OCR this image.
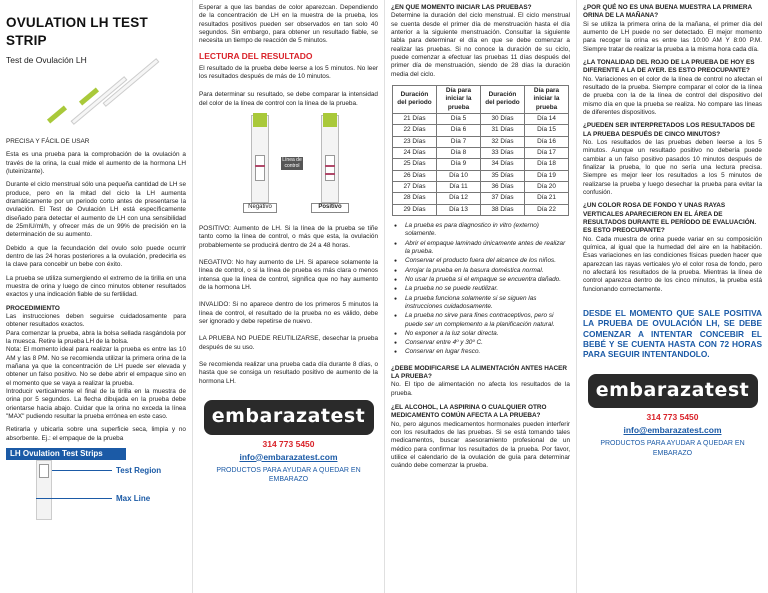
OVULATION LH TEST STRIP
Test de Ovulación LH
PRECISA Y FÁCIL DE USAR
Esta es una prueba para la comprobación de la ovulación a través de la orina, la cual mide el aumento de la hormona LH (luteinizante).
Durante el ciclo menstrual sólo una pequeña cantidad de LH se produce, pero en la mitad del ciclo la LH aumenta dramáticamente por un periodo corto antes de presentarse la ovulación. El Test de Ovulación LH está específicamente diseñado para detectar el aumento de LH con una sensibilidad de 25mIU/ml/h, y ofrecer más de un 99% de precisión en la determinación de su aumento.
Debido a que la fecundación del ovulo solo puede ocurrir dentro de las 24 horas posteriores a la ovulación, predecirla es la clave para concebir un bebe con éxito.
La prueba se utiliza sumergiendo el extremo de la tirilla en una muestra de orina y luego de cinco minutos obtener resultados exactos y una indicación fiable de su fertilidad.
PROCEDIMIENTO
Las instrucciones deben seguirse cuidadosamente para obtener resultados exactos.
Para comenzar la prueba, abra la bolsa sellada rasgándola por la muesca. Retire la prueba LH de la bolsa.
Nota: El momento ideal para realizar la prueba es entre las 10 AM y las 8 PM. No se recomienda utilizar la primera orina de la mañana ya que la concentración de LH puede ser elevada y obtener un falso positivo. No se debe abrir el empaque sino en el momento que se vaya a realizar la prueba.
Introducir verticalmente el final de la tirilla en la muestra de orina por 5 segundos. La flecha dibujada en la prueba debe orientarse hacia abajo. Cuidar que la orina no exceda la línea "MAX" pudiendo resultar la prueba errónea en este caso.
Retirarla y ubicarla sobre una superficie seca, limpia y no absorbente. Ej.: el empaque de la prueba
LH Ovulation Test Strips
Test Region
Max Line
Esperar a que las bandas de color aparezcan. Dependiendo de la concentración de LH en la muestra de la prueba, los resultados positivos pueden ser observados en tan solo 40 segundos. Sin embargo, para obtener un resultado fiable, se necesita un tiempo de reacción de 5 minutos.
LECTURA DEL RESULTADO
El resultado de la prueba debe leerse a los 5 minutos. No leer los resultados después de más de 10 minutos.
Para determinar su resultado, se debe comparar la intensidad del color de la línea de control con la línea de la prueba.
Línea de control
Negativo	Positivo
POSITIVO: Aumento de LH. Si la línea de la prueba se tiñe tanto como la línea de control, o más que esta, la ovulación probablemente se producirá dentro de 24 a 48 horas.
NEGATIVO: No hay aumento de LH. Si aparece solamente la línea de control, o si la línea de prueba es más clara o menos intensa que la línea de control, significa que no hay aumento de la hormona LH.
INVALIDO: Si no aparece dentro de los primeros 5 minutos la línea de control, el resultado de la prueba no es válido, debe ser ignorado y debe repetirse de nuevo.
LA PRUEBA NO PUEDE REUTILIZARSE, desechar la prueba después de su uso.
Se recomienda realizar una prueba cada día durante 8 días, o hasta que se consiga un resultado positivo de aumento de la hormona LH.
embarazatest
314 773 5450
info@embarazatest.com
PRODUCTOS PARA AYUDAR A QUEDAR EN EMBARAZO
¿EN QUE MOMENTO INICIAR LAS PRUEBAS?
Determine la duración del ciclo menstrual. El ciclo menstrual se cuenta desde el primer día de menstruación hasta el día anterior a la siguiente menstruación. Consultar la siguiente tabla para determinar el día en que se debe comenzar a realizar las pruebas. Si no conoce la duración de su ciclo, puede comenzar a efectuar las pruebas 11 días después del primer día de menstruación, siendo de 28 días la duración media del ciclo.
Duración del periodo	Día para iniciar la prueba	Duración del periodo	Día para iniciar la prueba
21 Días	Día 5	30 Días	Día 14
22 Días	Día 6	31 Días	Día 15
23 Días	Día 7	32 Días	Día 16
24 Días	Día 8	33 Días	Día 17
25 Días	Día 9	34 Días	Día 18
26 Días	Día 10	35 Días	Día 19
27 Días	Día 11	36 Días	Día 20
28 Días	Día 12	37 Días	Día 21
29 Días	Día 13	38 Días	Día 22
● La prueba es para diagnostico in vitro (externo) solamente.
● Abrir el empaque laminado únicamente antes de realizar la prueba.
● Conservar el producto fuera del alcance de los niños.
● Arrojar la prueba en la basura doméstica normal.
● No usar la prueba si el empaque se encuentra dañado.
● La prueba no se puede reutilizar.
● La prueba funciona solamente si se siguen las instrucciones cuidadosamente.
● La prueba no sirve para fines contraceptivos, pero si puede ser un complemento a la planificación natural.
● No exponer a la luz solar directa.
● Conservar entre 4º y 30º C.
● Conservar en lugar fresco.
¿DEBE MODIFICARSE LA ALIMENTACIÓN ANTES HACER LA PRUEBA?
No. El tipo de alimentación no afecta los resultados de la prueba.
¿EL ALCOHOL, LA ASPIRINA O CUALQUIER OTRO MEDICAMENTO COMÚN AFECTA A LA PRUEBA?
No, pero algunos medicamentos hormonales pueden interferir con los resultados de las pruebas. Si se está tomando tales medicamentos, buscar asesoramiento profesional de un médico para confirmar los resultados de la prueba. Por favor, utilice el calendario de la ovulación de guía para determinar cuándo debe comenzar la prueba.
¿POR QUÉ NO ES UNA BUENA MUESTRA LA PRIMERA ORINA DE LA MAÑANA?
Si se utiliza la primera orina de la mañana, el primer día del aumento de LH puede no ser detectado. El mejor momento para recoger la orina es entre las 10:00 AM Y 8:00 P.M. Siempre tratar de realizar la prueba a la misma hora cada día.
¿LA TONALIDAD DEL ROJO DE LA PRUEBA DE HOY ES DIFERENTE A LA DE AYER. ES ESTO PREOCUPANTE?
No. Variaciones en el color de la línea de control no afectan el resultado de la prueba. Siempre comparar el color de la línea de prueba con la de la línea de control del dispositivo del mismo día en que la prueba se realiza. No compare las líneas de diferentes dispositivos.
¿PUEDEN SER INTERPRETADOS LOS RESULTADOS DE LA PRUEBA DESPUÉS DE CINCO MINUTOS?
No. Los resultados de las pruebas deben leerse a los 5 minutos. Aunque un resultado positivo no debería puede cambiar a un falso positivo pasados 10 minutos después de finalizar la prueba, lo que no sería una lectura precisa. Siempre es mejor leer los resultados a los 5 minutos de realizarse la prueba y luego desechar la prueba para evitar la confusión.
¿UN COLOR ROSA DE FONDO Y UNAS RAYAS VERTICALES APARECIERON EN EL ÁREA DE RESULTADOS DURANTE EL PERÍODO DE EVALUACIÓN. ES ESTO PREOCUPANTE?
No. Cada muestra de orina puede variar en su composición química, al igual que la humedad del aire en la habitación. Esas variaciones en las condiciones físicas pueden hacer que aparezcan las rayas verticales y/o el color rosa de fondo, pero no afectará los resultados de la prueba. Mientras la línea de control aparezca dentro de los cinco minutos, la prueba está funcionando correctamente.
DESDE EL MOMENTO QUE SALE POSITIVA LA PRUEBA DE OVULACIÓN LH, SE DEBE COMENZAR A INTENTAR CONCEBIR EL BEBÉ Y SE CUENTA HASTA CON 72 HORAS PARA SEGUIR INTENTANDOLO.
embarazatest
314 773 5450
info@embarazatest.com
PRODUCTOS PARA AYUDAR A QUEDAR EN EMBARAZO
